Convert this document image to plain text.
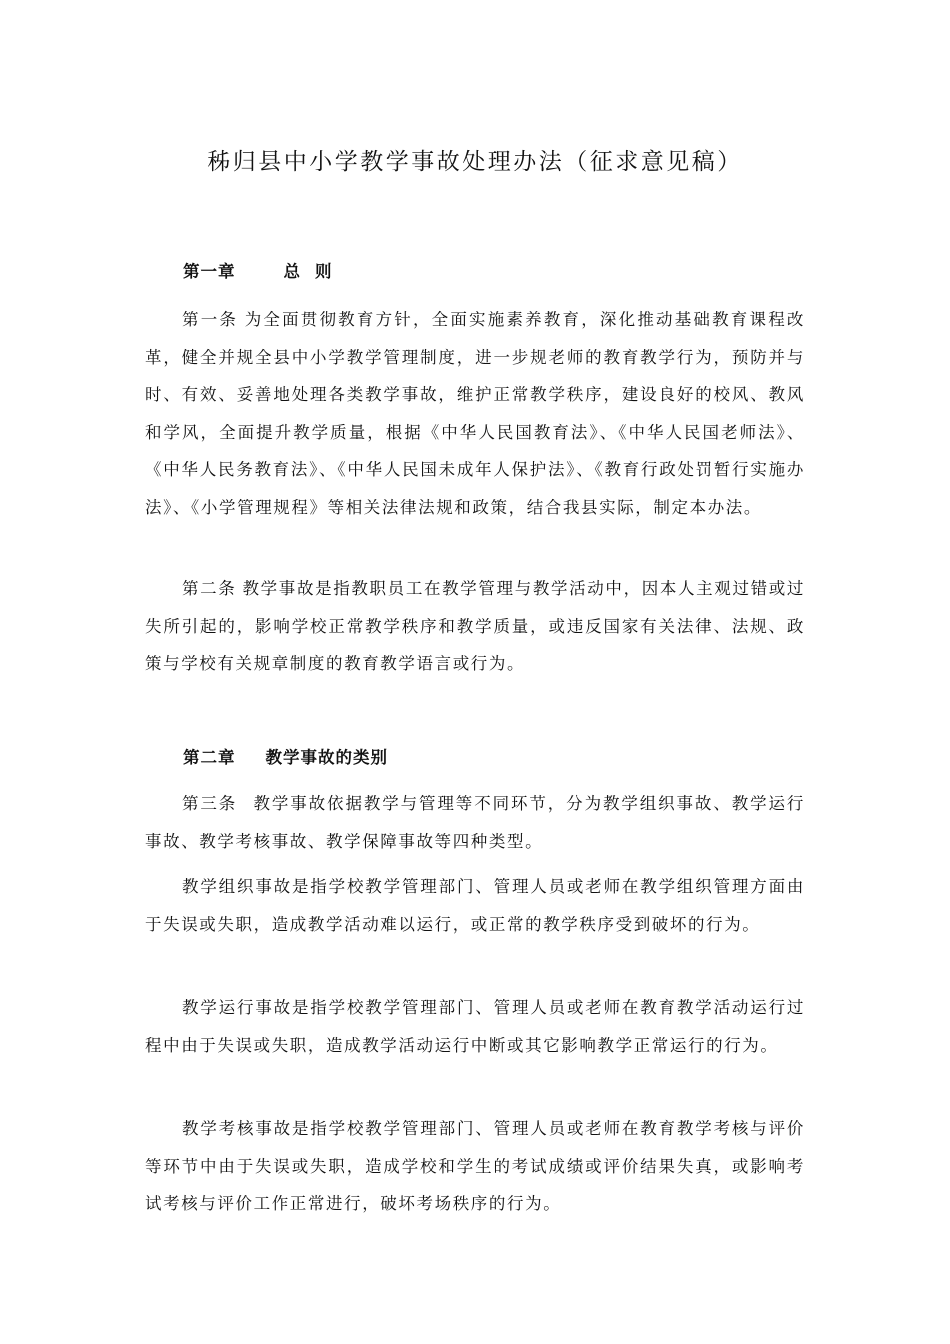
秭归县中小学教学事故处理办法（征求意见稿）
第一章	总 则

第一条 为全面贯彻教育方针，全面实施素养教育，深化推动基础教育课程改革，健全并规全县中小学教学管理制度，进一步规老师的教育教学行为，预防并与时、有效、妥善地处理各类教学事故，维护正常教学秩序，建设良好的校风、教风和学风，全面提升教学质量，根据《中华人民国教育法》、《中华人民国老师法》、《中华人民务教育法》、《中华人民国未成年人保护法》、《教育行政处罚暂行实施办法》、《小学管理规程》等相关法律法规和政策，结合我县实际，制定本办法。

第二条 教学事故是指教职员工在教学管理与教学活动中，因本人主观过错或过失所引起的，影响学校正常教学秩序和教学质量，或违反国家有关法律、法规、政策与学校有关规章制度的教育教学语言或行为。

第二章 教学事故的类别

第三条 教学事故依据教学与管理等不同环节，分为教学组织事故、教学运行事故、教学考核事故、教学保障事故等四种类型。

教学组织事故是指学校教学管理部门、管理人员或老师在教学组织管理方面由于失误或失职，造成教学活动难以运行，或正常的教学秩序受到破坏的行为。

教学运行事故是指学校教学管理部门、管理人员或老师在教育教学活动运行过程中由于失误或失职，造成教学活动运行中断或其它影响教学正常运行的行为。

教学考核事故是指学校教学管理部门、管理人员或老师在教育教学考核与评价等环节中由于失误或失职，造成学校和学生的考试成绩或评价结果失真，或影响考试考核与评价工作正常进行，破坏考场秩序的行为。
